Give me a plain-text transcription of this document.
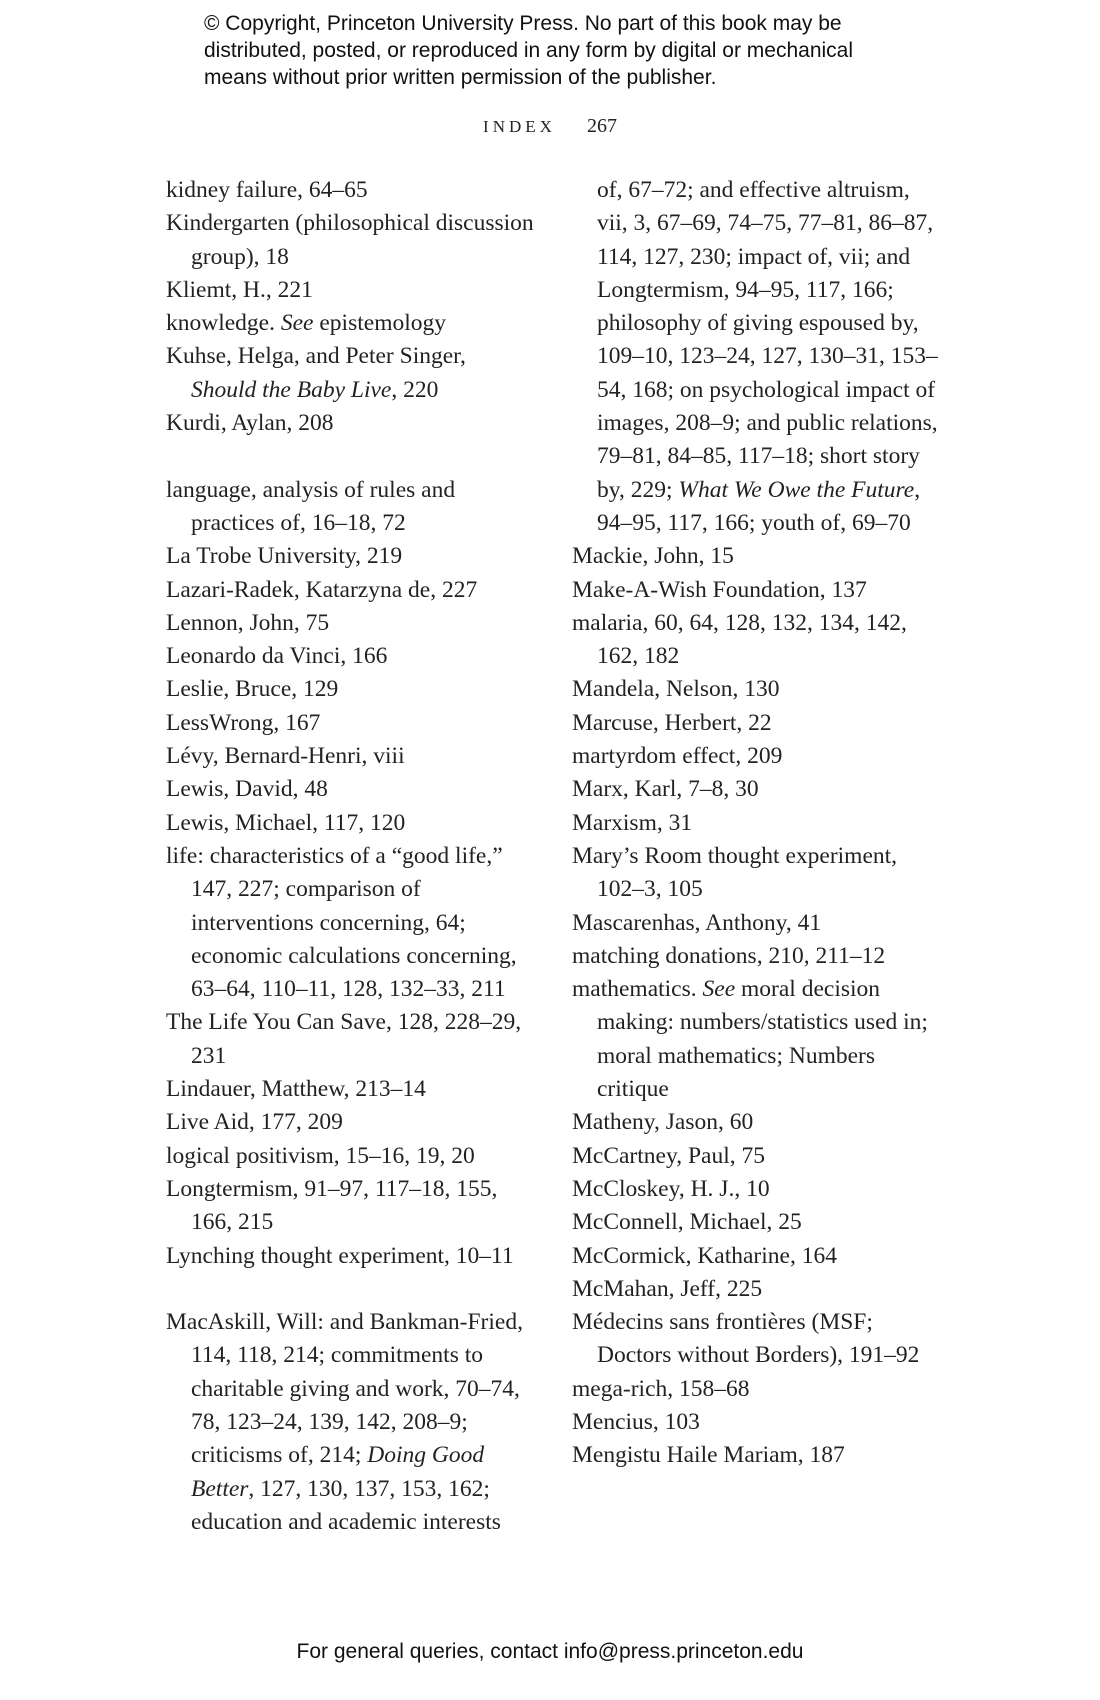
© Copyright, Princeton University Press. No part of this book may be
distributed, posted, or reproduced in any form by digital or mechanical
means without prior written permission of the publisher.
INDEX 267
kidney failure, 64–65
Kindergarten (philosophical discussion group), 18
Kliemt, H., 221
knowledge. See epistemology
Kuhse, Helga, and Peter Singer, Should the Baby Live, 220
Kurdi, Aylan, 208
language, analysis of rules and practices of, 16–18, 72
La Trobe University, 219
Lazari-Radek, Katarzyna de, 227
Lennon, John, 75
Leonardo da Vinci, 166
Leslie, Bruce, 129
LessWrong, 167
Lévy, Bernard-Henri, viii
Lewis, David, 48
Lewis, Michael, 117, 120
life: characteristics of a “good life,” 147, 227; comparison of interventions concerning, 64; economic calculations concerning, 63–64, 110–11, 128, 132–33, 211
The Life You Can Save, 128, 228–29, 231
Lindauer, Matthew, 213–14
Live Aid, 177, 209
logical positivism, 15–16, 19, 20
Longtermism, 91–97, 117–18, 155, 166, 215
Lynching thought experiment, 10–11
MacAskill, Will: and Bankman-Fried, 114, 118, 214; commitments to charitable giving and work, 70–74, 78, 123–24, 139, 142, 208–9; criticisms of, 214; Doing Good Better, 127, 130, 137, 153, 162; education and academic interests
of, 67–72; and effective altruism, vii, 3, 67–69, 74–75, 77–81, 86–87, 114, 127, 230; impact of, vii; and Longtermism, 94–95, 117, 166; philosophy of giving espoused by, 109–10, 123–24, 127, 130–31, 153–54, 168; on psychological impact of images, 208–9; and public relations, 79–81, 84–85, 117–18; short story by, 229; What We Owe the Future, 94–95, 117, 166; youth of, 69–70
Mackie, John, 15
Make-A-Wish Foundation, 137
malaria, 60, 64, 128, 132, 134, 142, 162, 182
Mandela, Nelson, 130
Marcuse, Herbert, 22
martyrdom effect, 209
Marx, Karl, 7–8, 30
Marxism, 31
Mary’s Room thought experiment, 102–3, 105
Mascarenhas, Anthony, 41
matching donations, 210, 211–12
mathematics. See moral decision making: numbers/statistics used in; moral mathematics; Numbers critique
Matheny, Jason, 60
McCartney, Paul, 75
McCloskey, H. J., 10
McConnell, Michael, 25
McCormick, Katharine, 164
McMahan, Jeff, 225
Médecins sans frontières (MSF; Doctors without Borders), 191–92
mega-rich, 158–68
Mencius, 103
Mengistu Haile Mariam, 187
For general queries, contact info@press.princeton.edu
